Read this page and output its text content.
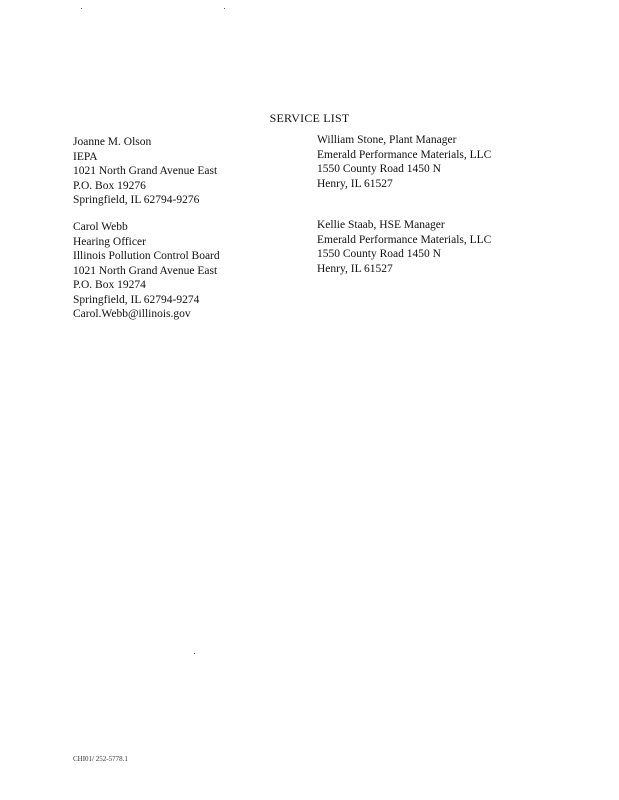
SERVICE LIST
Joanne M. Olson
IEPA
1021 North Grand Avenue East
P.O. Box 19276
Springfield, IL 62794-9276
William Stone, Plant Manager
Emerald Performance Materials, LLC
1550 County Road 1450 N
Henry, IL 61527
Carol Webb
Hearing Officer
Illinois Pollution Control Board
1021 North Grand Avenue East
P.O. Box 19274
Springfield, IL 62794-9274
Carol.Webb@illinois.gov
Kellie Staab, HSE Manager
Emerald Performance Materials, LLC
1550 County Road 1450 N
Henry, IL 61527
CHI01/ 252-5778.1
